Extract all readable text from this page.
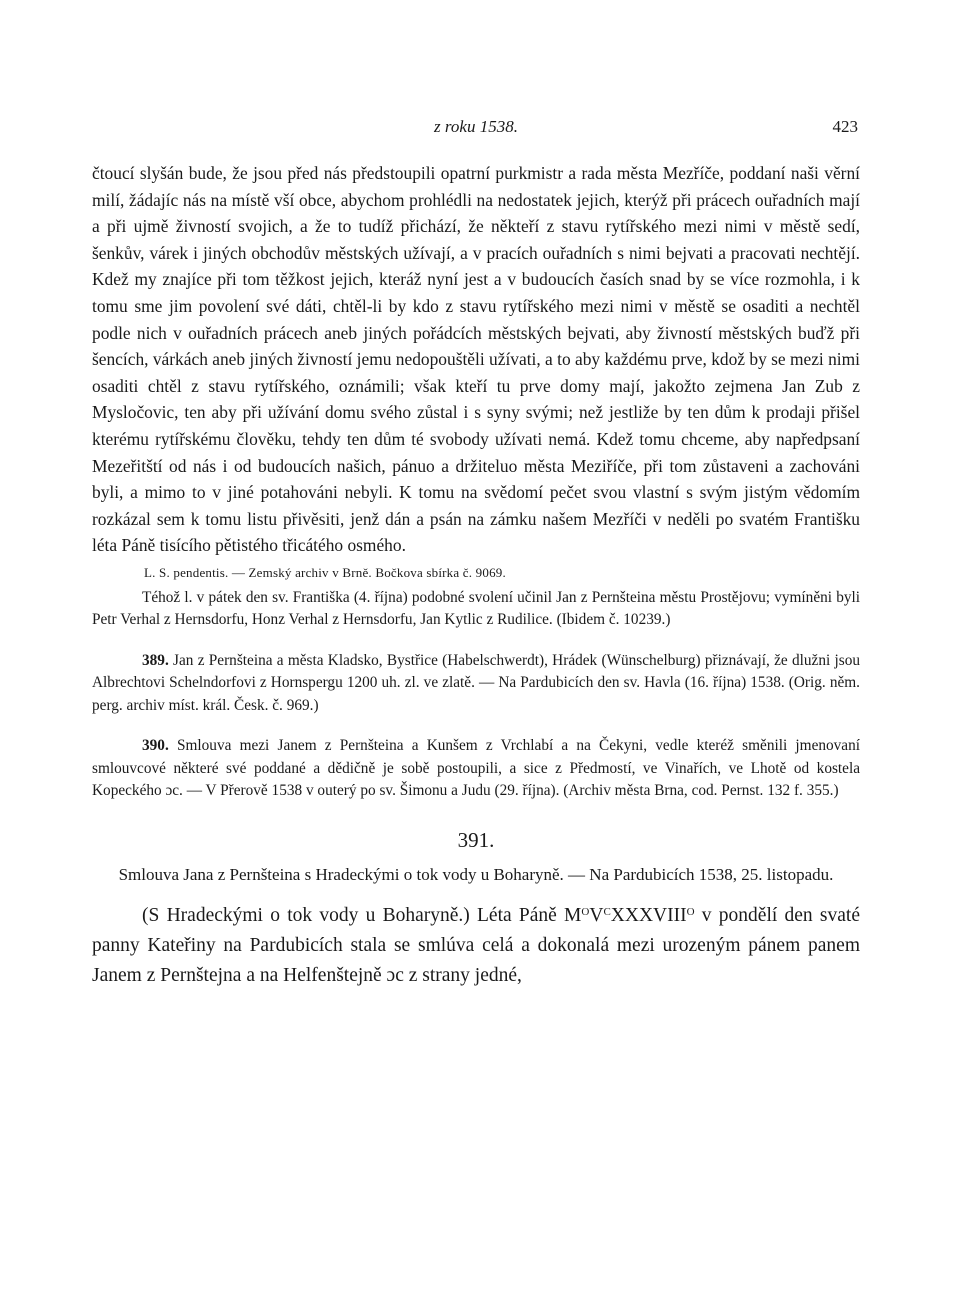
z roku 1538.	423

čtoucí slyšán bude, že jsou před nás předstoupili opatrní purkmistr a rada města Mezříče, poddaní naši věrní milí, žádajíc nás na místě vší obce, abychom prohlédli na nedostatek jejich, kterýž při prácech ouřadních mají a při ujmě živností svojich, a že to tudíž přichází, že někteří z stavu rytířského mezi nimi v městě sedí, šenkův, várek i jiných obchodův městských užívají, a v pracích ouřadních s nimi bejvati a pracovati nechtějí. Kdež my znajíce při tom těžkost jejich, kteráž nyní jest a v budoucích časích snad by se více rozmohla, i k tomu sme jim povolení své dáti, chtěl-li by kdo z stavu rytířského mezi nimi v městě se osaditi a nechtěl podle nich v ouřadních prácech aneb jiných pořádcích městských bejvati, aby živností městských buďž při šencích, várkách aneb jiných živností jemu nedopouštěli užívati, a to aby každému prve, kdož by se mezi nimi osaditi chtěl z stavu rytířského, oznámili; však kteří tu prve domy mají, jakožto zejmena Jan Zub z Mysločovic, ten aby při užívání domu svého zůstal i s syny svými; než jestliže by ten dům k prodaji přišel kterému rytířskému člověku, tehdy ten dům té svobody užívati nemá. Kdež tomu chceme, aby napředpsaní Mezeřitští od nás i od budoucích našich, pánuo a držiteluo města Meziříče, při tom zůstaveni a zachováni byli, a mimo to v jiné potahováni nebyli. K tomu na svědomí pečet svou vlastní s svým jistým vědomím rozkázal sem k tomu listu přivěsiti, jenž dán a psán na zámku našem Mezříči v neděli po svatém Františku léta Páně tisícího pětistého třicátého osmého.

L. S. pendentis. — Zemský archiv v Brně. Bočkova sbírka č. 9069.

Téhož l. v pátek den sv. Františka (4. října) podobné svolení učinil Jan z Pernšteina městu Prostějovu; vymíněni byli Petr Verhal z Hernsdorfu, Honz Verhal z Hernsdorfu, Jan Kytlic z Rudilice. (Ibidem č. 10239.)

389. Jan z Pernšteina a města Kladsko, Bystřice (Habelschwerdt), Hrádek (Wünschelburg) přiznávají, že dlužni jsou Albrechtovi Schelndorfovi z Hornspergu 1200 uh. zl. ve zlatě. — Na Pardubicích den sv. Havla (16. října) 1538. (Orig. něm. perg. archiv míst. král. Česk. č. 969.)

390. Smlouva mezi Janem z Pernšteina a Kunšem z Vrchlabí a na Čekyni, vedle kteréž směnili jmenovaní smlouvcové některé své poddané a dědičně je sobě postoupili, a sice z Předmostí, ve Vinařích, ve Lhotě od kostela Kopeckého ɔc. — V Přerově 1538 v outerý po sv. Šimonu a Judu (29. října). (Archiv města Brna, cod. Pernst. 132 f. 355.)

391.
Smlouva Jana z Pernšteina s Hradeckými o tok vody u Boharyně. — Na Pardubicích 1538, 25. listopadu.

(S Hradeckými o tok vody u Boharyně.) Léta Páně $M^OV^CXXXVIII^O$ v pondělí den svaté panny Kateřiny na Pardubicích stala se smlúva celá a dokonalá mezi urozeným pánem panem Janem z Pernštejna a na Helfenštejně ɔc z strany jedné,
